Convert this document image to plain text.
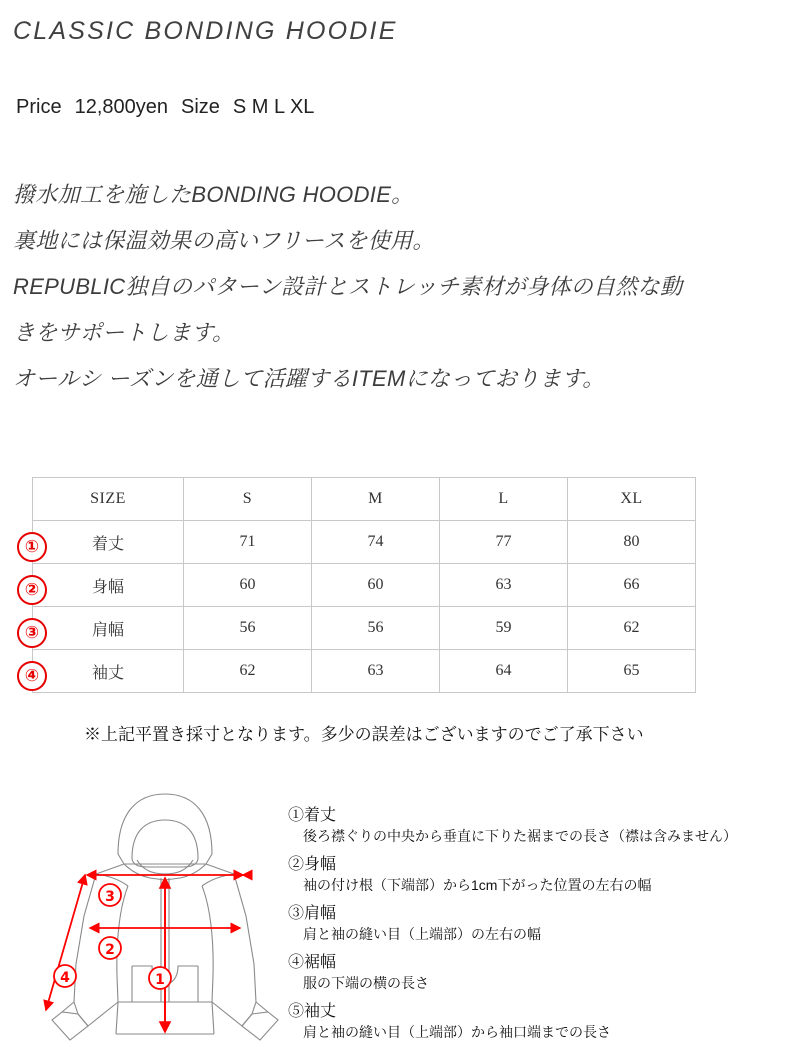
CLASSIC BONDING HOODIE
Price 12,800yen Size S M L XL
撥水加工を施したBONDING HOODIE。
裏地には保温効果の高いフリースを使用。
REPUBLIC独自のパターン設計とストレッチ素材が身体の自然な動
きをサポートします。
オールシ ーズンを通して活躍するITEMになっております。
①
②
③
④
SIZE	S	M	L	XL
着丈	71	74	77	80
身幅	60	60	63	66
肩幅	56	56	59	62
袖丈	62	63	64	65
※上記平置き採寸となります。多少の誤差はございますのでご了承下さい
3
2
1
4
①着丈
後ろ襟ぐりの中央から垂直に下りた裾までの長さ（襟は含みません）
②身幅
袖の付け根（下端部）から1cm下がった位置の左右の幅
③肩幅
肩と袖の縫い目（上端部）の左右の幅
④裾幅
服の下端の横の長さ
⑤袖丈
肩と袖の縫い目（上端部）から袖口端までの長さ
